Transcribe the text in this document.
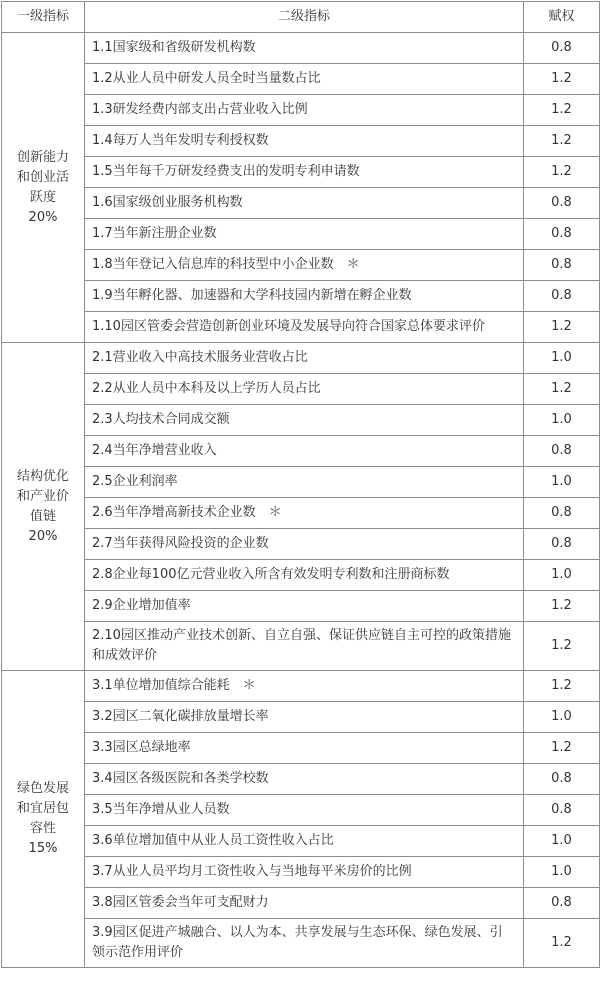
一级指标	二级指标	赋权

创新能力
和创业活
跃度
20%	1.1国家级和省级研发机构数	0.8
	1.2从业人员中研发人员全时当量数占比	1.2
	1.3研发经费内部支出占营业收入比例	1.2
	1.4每万人当年发明专利授权数	1.2
	1.5当年每千万研发经费支出的发明专利申请数	1.2
	1.6国家级创业服务机构数	0.8
	1.7当年新注册企业数	0.8
	1.8当年登记入信息库的科技型中小企业数　＊	0.8
	1.9当年孵化器、加速器和大学科技园内新增在孵企业数	0.8
	1.10园区管委会营造创新创业环境及发展导向符合国家总体要求评价	1.2

结构优化
和产业价
值链
20%	2.1营业收入中高技术服务业营收占比	1.0
	2.2从业人员中本科及以上学历人员占比	1.2
	2.3人均技术合同成交额	1.0
	2.4当年净增营业收入	0.8
	2.5企业利润率	1.0
	2.6当年净增高新技术企业数　＊	0.8
	2.7当年获得风险投资的企业数	0.8
	2.8企业每100亿元营业收入所含有效发明专利数和注册商标数	1.0
	2.9企业增加值率	1.2
	2.10园区推动产业技术创新、自立自强、保证供应链自主可控的政策措施和成效评价	1.2

绿色发展
和宜居包
容性
15%	3.1单位增加值综合能耗　＊	1.2
	3.2园区二氧化碳排放量增长率	1.0
	3.3园区总绿地率	1.2
	3.4园区各级医院和各类学校数	0.8
	3.5当年净增从业人员数	0.8
	3.6单位增加值中从业人员工资性收入占比	1.0
	3.7从业人员平均月工资性收入与当地每平米房价的比例	1.0
	3.8园区管委会当年可支配财力	0.8
	3.9园区促进产城融合、以人为本、共享发展与生态环保、绿色发展、引领示范作用评价	1.2
